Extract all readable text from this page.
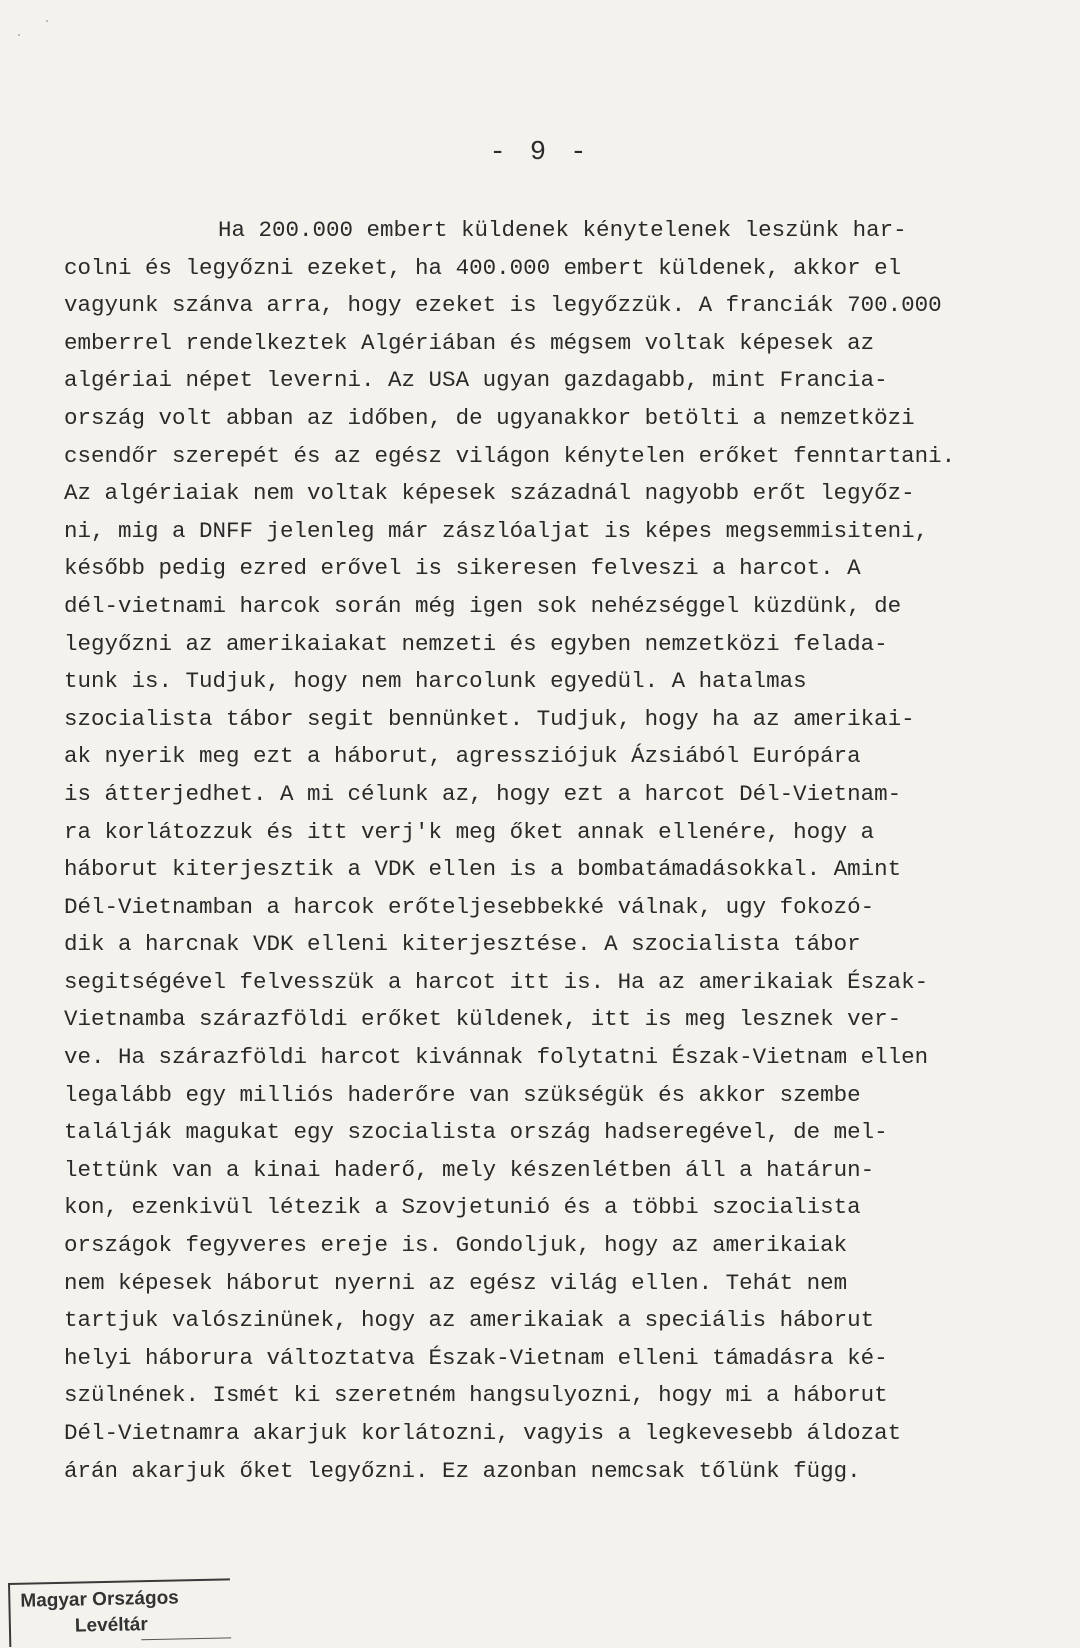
- 9 -
Ha 200.000 embert küldenek kénytelenek leszünk har-
colni és legyőzni ezeket, ha 400.000 embert küldenek, akkor el
vagyunk szánva arra, hogy ezeket is legyőzzük. A franciák 700.000
emberrel rendelkeztek Algériában és mégsem voltak képesek az
algériai népet leverni. Az USA ugyan gazdagabb, mint Francia-
ország volt abban az időben, de ugyanakkor betölti a nemzetközi
csendőr szerepét és az egész világon kénytelen erőket fenntartani.
Az algériaiak nem voltak képesek századnál nagyobb erőt legyőz-
ni, mig a DNFF jelenleg már zászlóaljat is képes megsemmisiteni,
később pedig ezred erővel is sikeresen felveszi a harcot. A
dél-vietnami harcok során még igen sok nehézséggel küzdünk, de
legyőzni az amerikaiakat nemzeti és egyben nemzetközi felada-
tunk is. Tudjuk, hogy nem harcolunk egyedül. A hatalmas
szocialista tábor segit bennünket. Tudjuk, hogy ha az amerikai-
ak nyerik meg ezt a háborut, agressziójuk Ázsiából Európára
is átterjedhet. A mi célunk az, hogy ezt a harcot Dél-Vietnam-
ra korlátozzuk és itt verj'k meg őket annak ellenére, hogy a
háborut kiterjesztik a VDK ellen is a bombatámadásokkal. Amint
Dél-Vietnamban a harcok erőteljesebbekké válnak, ugy fokozó-
dik a harcnak VDK elleni kiterjesztése. A szocialista tábor
segitségével felvesszük a harcot itt is. Ha az amerikaiak Észak-
Vietnamba szárazföldi erőket küldenek, itt is meg lesznek ver-
ve. Ha szárazföldi harcot kivánnak folytatni Észak-Vietnam ellen
legalább egy milliós haderőre van szükségük és akkor szembe
találják magukat egy szocialista ország hadseregével, de mel-
lettünk van a kinai haderő, mely készenlétben áll a határun-
kon, ezenkivül létezik a Szovjetunió és a többi szocialista
országok fegyveres ereje is. Gondoljuk, hogy az amerikaiak
nem képesek háborut nyerni az egész világ ellen. Tehát nem
tartjuk valószinünek, hogy az amerikaiak a speciális háborut
helyi háborura változtatva Észak-Vietnam elleni támadásra ké-
szülnének. Ismét ki szeretném hangsulyozni, hogy mi a háborut
Dél-Vietnamra akarjuk korlátozni, vagyis a legkevesebb áldozat
árán akarjuk őket legyőzni. Ez azonban nemcsak tőlünk függ.
Magyar Országos
Levéltár
